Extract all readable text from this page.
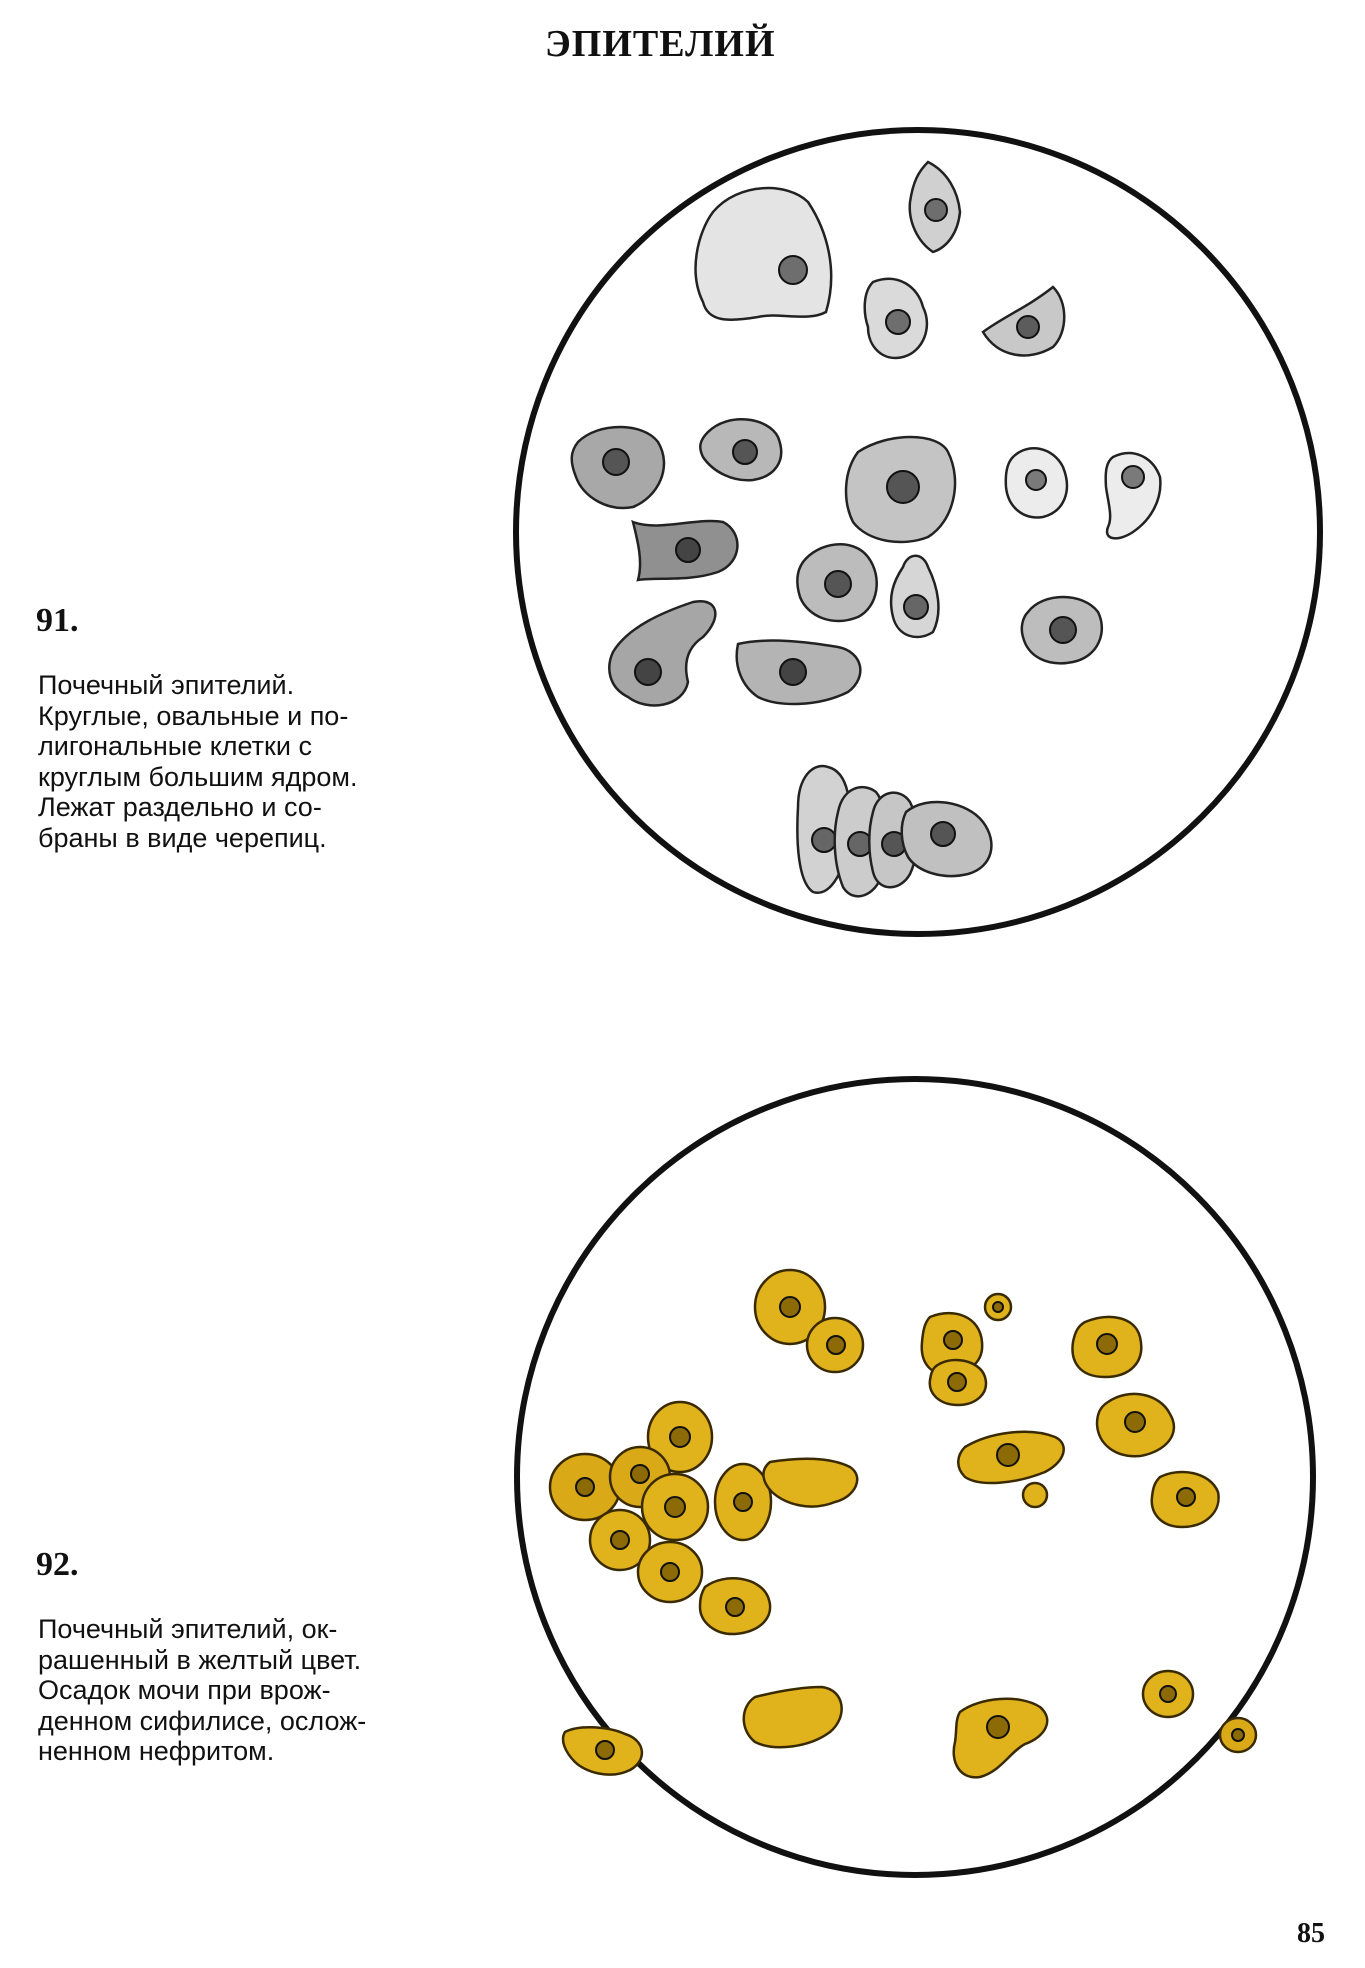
ЭПИТЕЛИЙ

91.

Почечный эпителий.
Круглые, овальные и по-
лигональные клетки с
круглым большим ядром.
Лежат раздельно и со-
браны в виде черепиц.

92.

Почечный эпителий, ок-
рашенный в желтый цвет.
Осадок мочи при врож-
денном сифилисе, ослож-
ненном нефритом.

85
